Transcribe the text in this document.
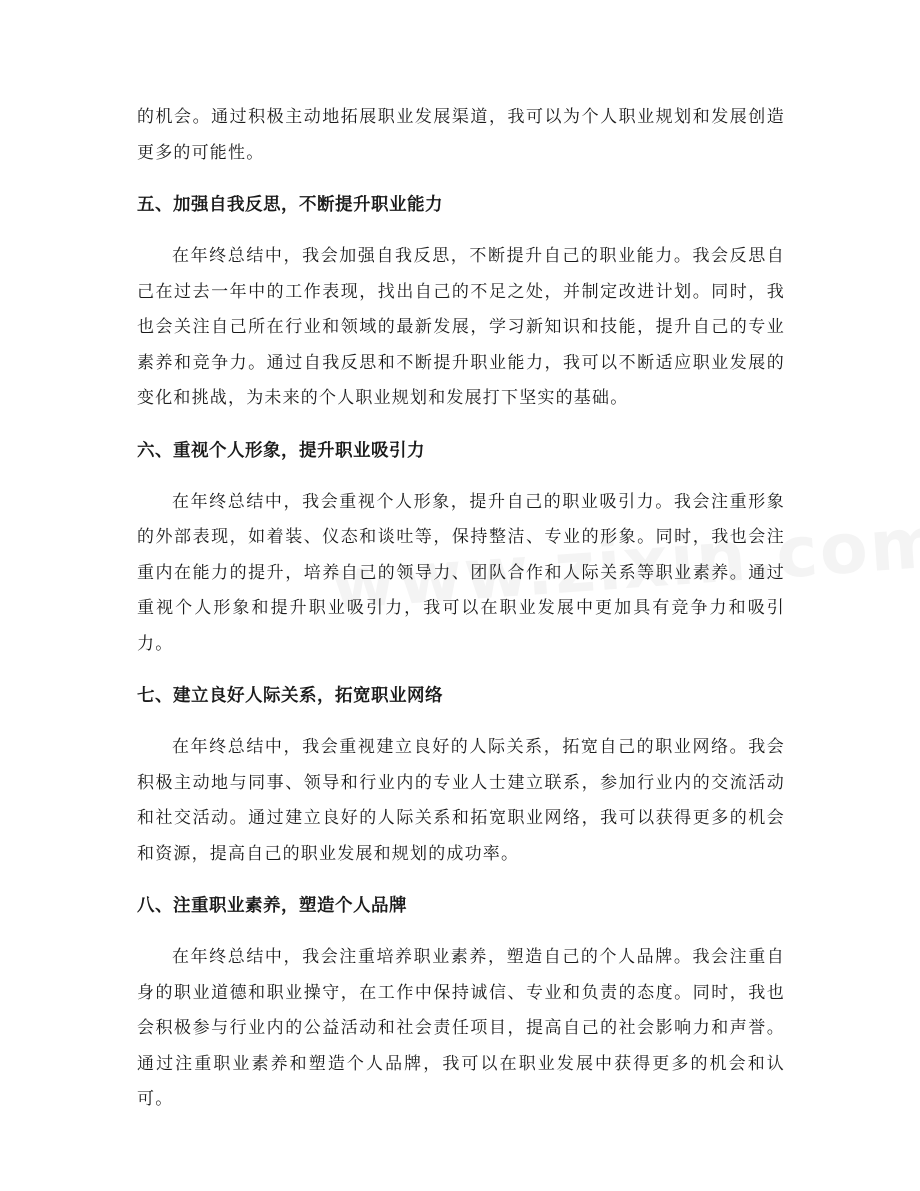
的机会。通过积极主动地拓展职业发展渠道，我可以为个人职业规划和发展创造更多的可能性。

五、加强自我反思，不断提升职业能力

在年终总结中，我会加强自我反思，不断提升自己的职业能力。我会反思自己在过去一年中的工作表现，找出自己的不足之处，并制定改进计划。同时，我也会关注自己所在行业和领域的最新发展，学习新知识和技能，提升自己的专业素养和竞争力。通过自我反思和不断提升职业能力，我可以不断适应职业发展的变化和挑战，为未来的个人职业规划和发展打下坚实的基础。

六、重视个人形象，提升职业吸引力

在年终总结中，我会重视个人形象，提升自己的职业吸引力。我会注重形象的外部表现，如着装、仪态和谈吐等，保持整洁、专业的形象。同时，我也会注重内在能力的提升，培养自己的领导力、团队合作和人际关系等职业素养。通过重视个人形象和提升职业吸引力，我可以在职业发展中更加具有竞争力和吸引力。

七、建立良好人际关系，拓宽职业网络

在年终总结中，我会重视建立良好的人际关系，拓宽自己的职业网络。我会积极主动地与同事、领导和行业内的专业人士建立联系，参加行业内的交流活动和社交活动。通过建立良好的人际关系和拓宽职业网络，我可以获得更多的机会和资源，提高自己的职业发展和规划的成功率。

八、注重职业素养，塑造个人品牌

在年终总结中，我会注重培养职业素养，塑造自己的个人品牌。我会注重自身的职业道德和职业操守，在工作中保持诚信、专业和负责的态度。同时，我也会积极参与行业内的公益活动和社会责任项目，提高自己的社会影响力和声誉。通过注重职业素养和塑造个人品牌，我可以在职业发展中获得更多的机会和认可。
